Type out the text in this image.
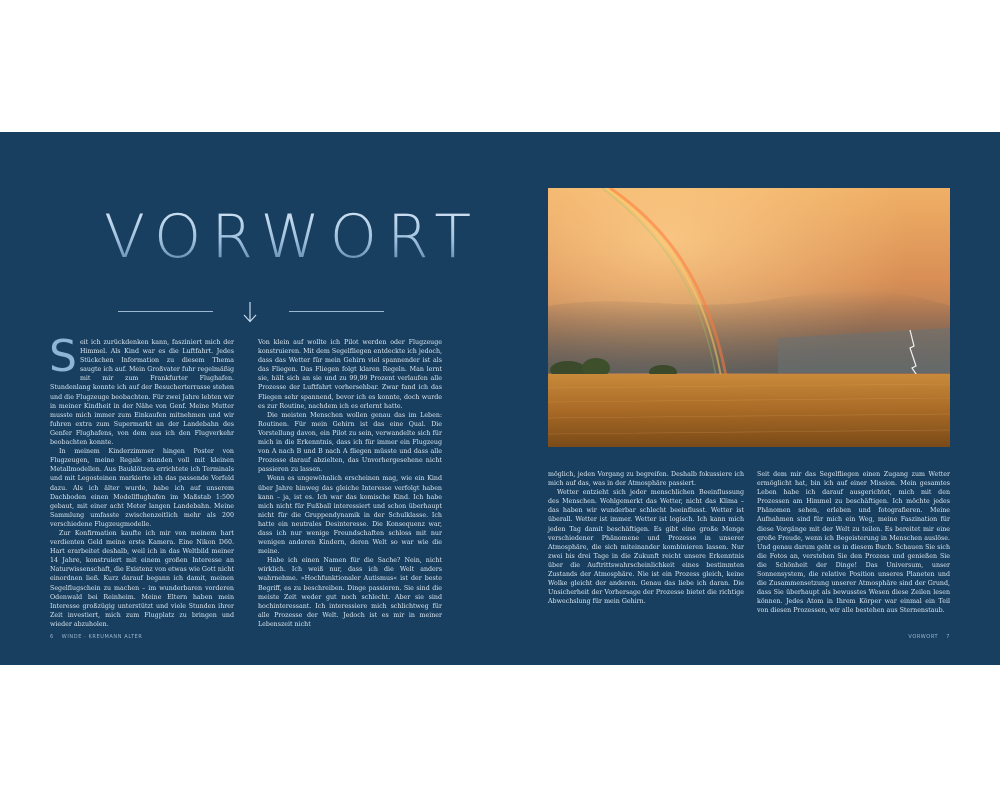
VORWORT

Seit ich zurückdenken kann, fasziniert mich der Himmel. Als Kind war es die Luftfahrt. Jedes Stückchen Information zu diesem Thema saugte ich auf. Mein Großvater fuhr regelmäßig mit mir zum Frankfurter Flughafen. Stundenlang konnte ich auf der Besucherterrasse stehen und die Flugzeuge beobachten. Für zwei Jahre lebten wir in meiner Kindheit in der Nähe von Genf. Meine Mutter musste mich immer zum Einkaufen mitnehmen und wir fuhren extra zum Supermarkt an der Landebahn des Genfer Flughafens, von dem aus ich den Flugverkehr beobachten konnte.

In meinem Kinderzimmer hingen Poster von Flugzeugen, meine Regale standen voll mit kleinen Metallmodellen. Aus Bauklötzen errichtete ich Terminals und mit Legosteinen markierte ich das passende Vorfeld dazu. Als ich älter wurde, habe ich auf unserem Dachboden einen Modellflughafen im Maßstab 1:500 gebaut, mit einer acht Meter langen Landebahn. Meine Sammlung umfasste zwischenzeitlich mehr als 200 verschiedene Flugzeugmodelle.

Zur Konfirmation kaufte ich mir von meinem hart verdienten Geld meine erste Kamera. Eine Nikon D60. Hart erarbeitet deshalb, weil ich in das Weltbild meiner 14 Jahre, konstruiert mit einem großen Interesse an Naturwissenschaft, die Existenz von etwas wie Gott nicht einordnen ließ. Kurz darauf begann ich damit, meinen Segelflugschein zu machen – im wunderbaren vorderen Odenwald bei Reinheim. Meine Eltern haben mein Interesse großzügig unterstützt und viele Stunden ihrer Zeit investiert, mich zum Flugplatz zu bringen und wieder abzuholen.

Von klein auf wollte ich Pilot werden oder Flugzeuge konstruieren. Mit dem Segelfliegen entdeckte ich jedoch, dass das Wetter für mein Gehirn viel spannender ist als das Fliegen. Das Fliegen folgt klaren Regeln. Man lernt sie, hält sich an sie und zu 99,99 Prozent verlaufen alle Prozesse der Luftfahrt vorhersehbar. Zwar fand ich das Fliegen sehr spannend, bevor ich es konnte, doch wurde es zur Routine, nachdem ich es erlernt hatte.

Die meisten Menschen wollen genau das im Leben: Routinen. Für mein Gehirn ist das eine Qual. Die Vorstellung davon, ein Pilot zu sein, verwandelte sich für mich in die Erkenntnis, dass ich für immer ein Flugzeug von A nach B und B nach A fliegen müsste und dass alle Prozesse darauf abzielten, das Unvorhergesehene nicht passieren zu lassen.

Wenn es ungewöhnlich erscheinen mag, wie ein Kind über Jahre hinweg das gleiche Interesse verfolgt haben kann – ja, ist es. Ich war das komische Kind. Ich habe mich nicht für Fußball interessiert und schon überhaupt nicht für die Gruppendynamik in der Schulklasse. Ich hatte ein neutrales Desinteresse. Die Konsequenz war, dass ich nur wenige Freundschaften schloss mit nur wenigen anderen Kindern, deren Welt so war wie die meine.

Habe ich einen Namen für die Sache? Nein, nicht wirklich. Ich weiß nur, dass ich die Welt anders wahrnehme. »Hochfunktionaler Autismus« ist der beste Begriff, es zu beschreiben. Dinge passieren. Sie sind die meiste Zeit weder gut noch schlecht. Aber sie sind hochinteressant. Ich interessiere mich schlichtweg für alle Prozesse der Welt. Jedoch ist es mir in meiner Lebenszeit nicht

möglich, jeden Vorgang zu begreifen. Deshalb fokussiere ich mich auf das, was in der Atmosphäre passiert.

Wetter entzieht sich jeder menschlichen Beeinflussung des Menschen. Wohlgemerkt das Wetter, nicht das Klima – das haben wir wunderbar schlecht beeinflusst. Wetter ist überall. Wetter ist immer. Wetter ist logisch. Ich kann mich jeden Tag damit beschäftigen. Es gibt eine große Menge verschiedener Phänomene und Prozesse in unserer Atmosphäre, die sich miteinander kombinieren lassen. Nur zwei bis drei Tage in die Zukunft reicht unsere Erkenntnis über die Auftrittswahrscheinlichkeit eines bestimmten Zustands der Atmosphäre. Nie ist ein Prozess gleich, keine Wolke gleicht der anderen. Genau das liebe ich daran. Die Unsicherheit der Vorhersage der Prozesse bietet die richtige Abwechslung für mein Gehirn.

Seit dem mir das Segelfliegen einen Zugang zum Wetter ermöglicht hat, bin ich auf einer Mission. Mein gesamtes Leben habe ich darauf ausgerichtet, mich mit den Prozessen am Himmel zu beschäftigen. Ich möchte jedes Phänomen sehen, erleben und fotografieren. Meine Aufnahmen sind für mich ein Weg, meine Faszination für diese Vorgänge mit der Welt zu teilen. Es bereitet mir eine große Freude, wenn ich Begeisterung in Menschen auslöse. Und genau darum geht es in diesem Buch. Schauen Sie sich die Fotos an, verstehen Sie den Prozess und genießen Sie die Schönheit der Dinge! Das Universum, unser Sonnensystem, die relative Position unseres Planeten und die Zusammensetzung unserer Atmosphäre sind der Grund, dass Sie überhaupt als bewusstes Wesen diese Zeilen lesen können. Jedes Atom in Ihrem Körper war einmal ein Teil von diesen Prozessen, wir alle bestehen aus Sternenstaub.

6 WINDE · KREUMANN ALTER	VORWORT 7
